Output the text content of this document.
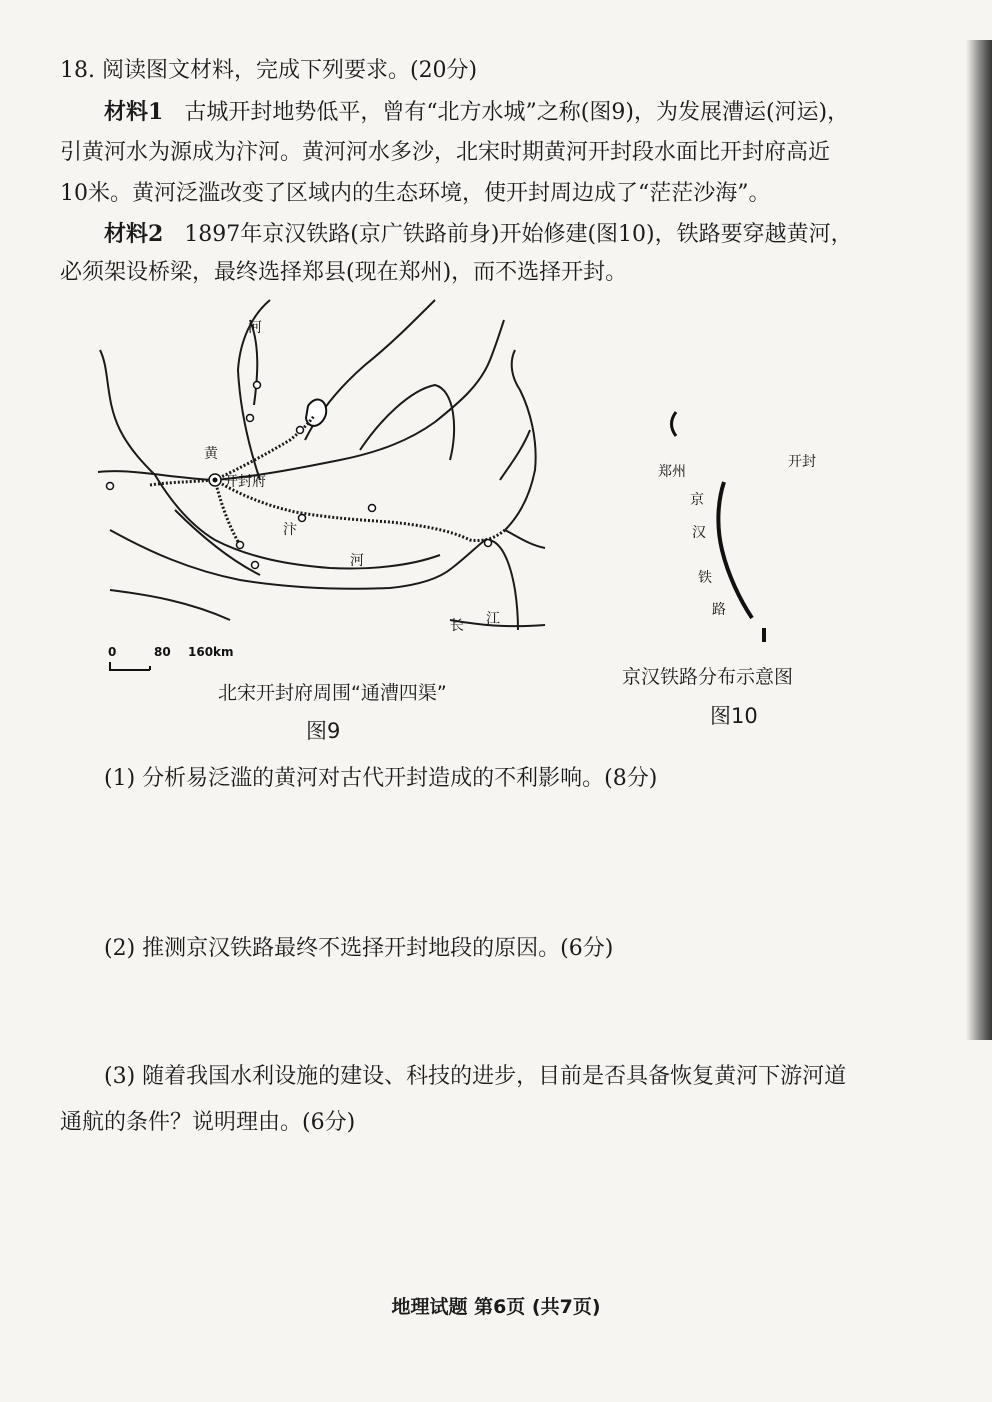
18. 阅读图文材料，完成下列要求。(20分)
材料1 古城开封地势低平，曾有“北方水城”之称(图9)，为发展漕运(河运)，
引黄河水为源成为汴河。黄河河水多沙，北宋时期黄河开封段水面比开封府高近
10米。黄河泛滥改变了区域内的生态环境，使开封周边成了“茫茫沙海”。
材料2 1897年京汉铁路(京广铁路前身)开始修建(图10)，铁路要穿越黄河，
必须架设桥梁，最终选择郑县(现在郑州)，而不选择开封。
河
黄
开封府
汴
河
长 江
0	80 160km
北宋开封府周围“通漕四渠”
图9
郑州
开封
京
汉
铁
路
京汉铁路分布示意图
图10
(1) 分析易泛滥的黄河对古代开封造成的不利影响。(8分)
(2) 推测京汉铁路最终不选择开封地段的原因。(6分)
(3) 随着我国水利设施的建设、科技的进步，目前是否具备恢复黄河下游河道
通航的条件？说明理由。(6分)
地理试题 第6页 (共7页)
